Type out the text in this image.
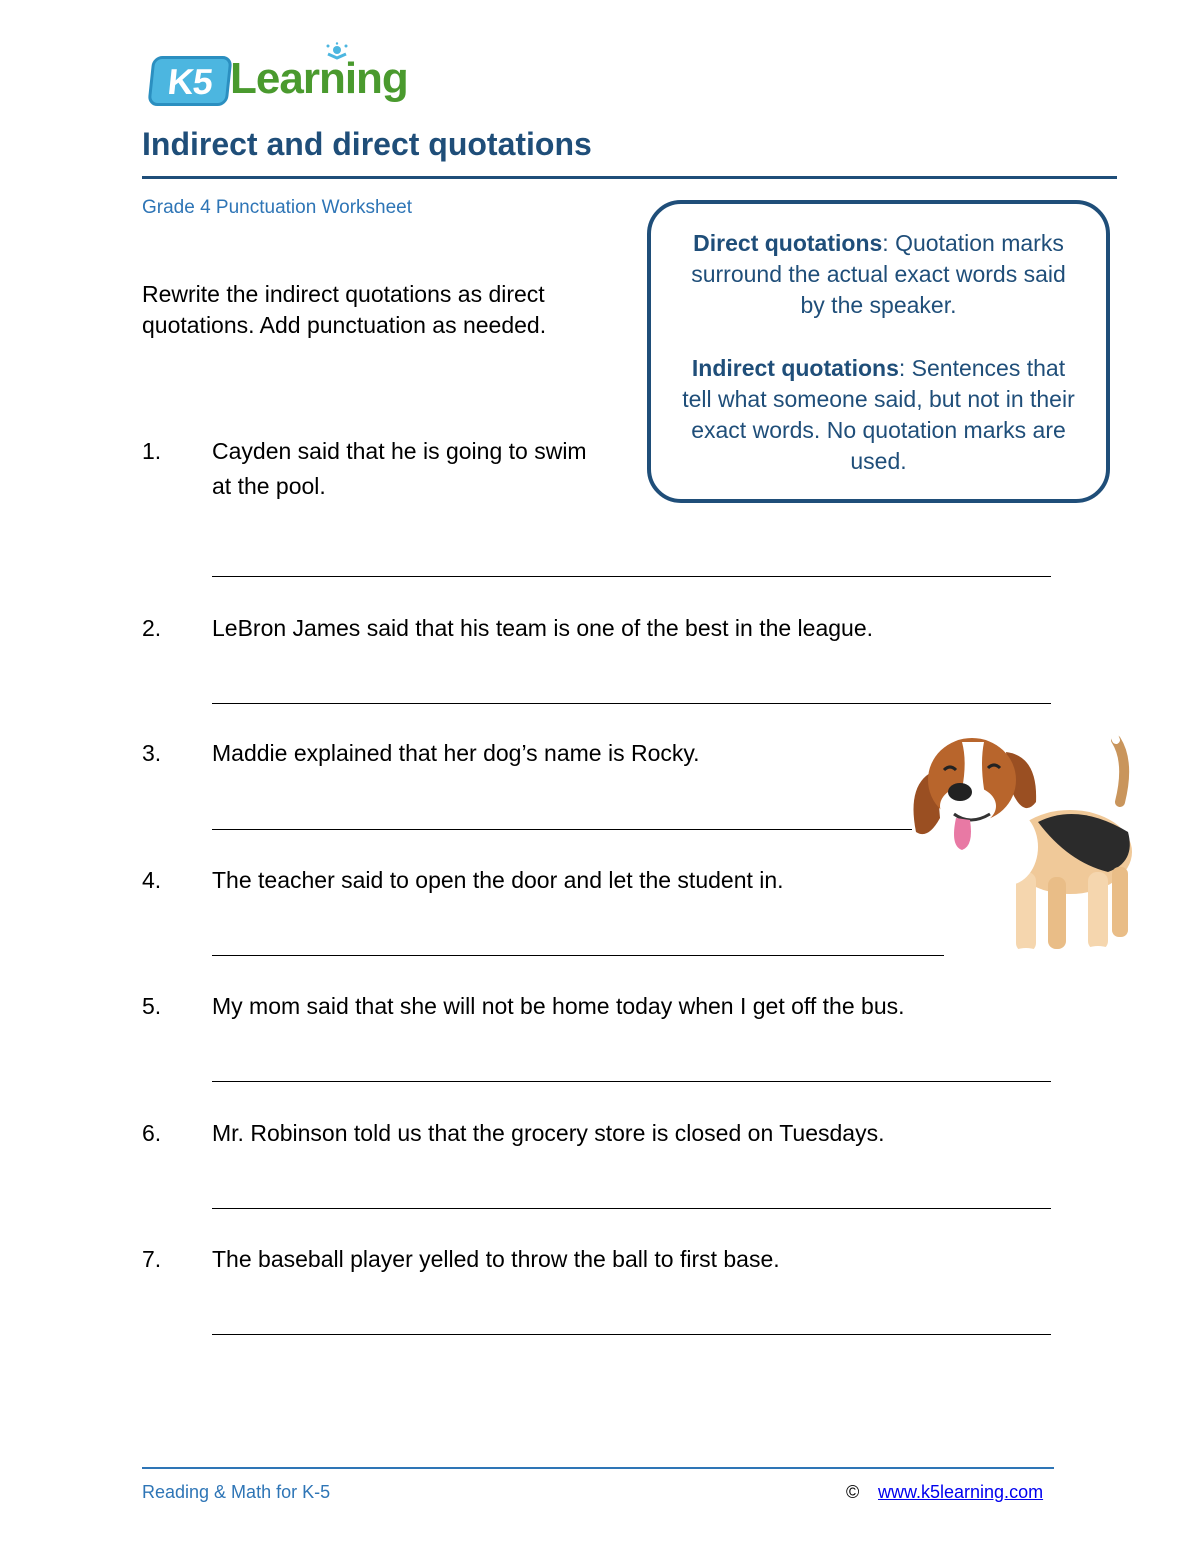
K5 Learning
Indirect and direct quotations
Grade 4 Punctuation Worksheet
Rewrite the indirect quotations as direct quotations. Add punctuation as needed.

Direct quotations: Quotation marks surround the actual exact words said by the speaker.

Indirect quotations: Sentences that tell what someone said, but not in their exact words. No quotation marks are used.

1. Cayden said that he is going to swim at the pool.
2. LeBron James said that his team is one of the best in the league.
3. Maddie explained that her dog’s name is Rocky.
4. The teacher said to open the door and let the student in.
5. My mom said that she will not be home today when I get off the bus.
6. Mr. Robinson told us that the grocery store is closed on Tuesdays.
7. The baseball player yelled to throw the ball to first base.
Reading & Math for K-5	© www.k5learning.com
